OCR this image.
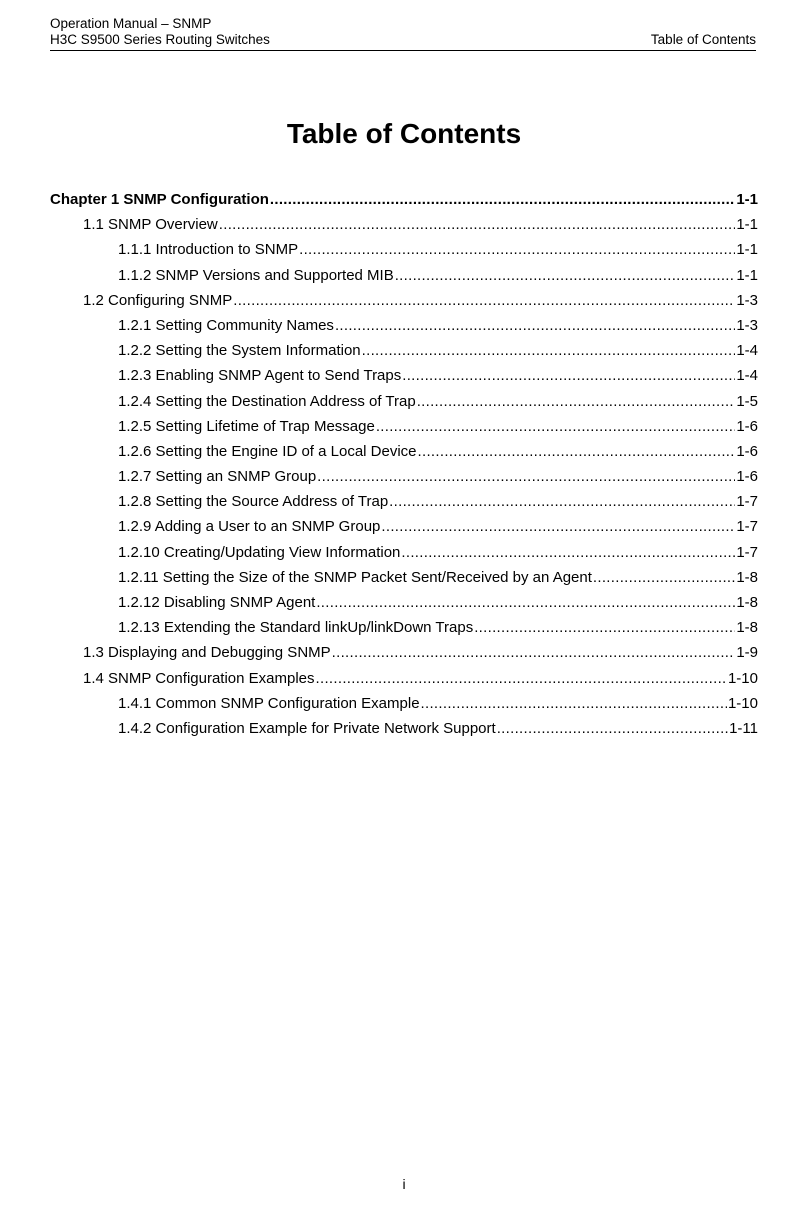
Operation Manual – SNMP
H3C S9500 Series Routing Switches	Table of Contents
Table of Contents
Chapter 1 SNMP Configuration .....	1-1
1.1 SNMP Overview .....	1-1
1.1.1 Introduction to SNMP .....	1-1
1.1.2 SNMP Versions and Supported MIB .....	1-1
1.2 Configuring SNMP .....	1-3
1.2.1 Setting Community Names .....	1-3
1.2.2 Setting the System Information .....	1-4
1.2.3 Enabling SNMP Agent to Send Traps .....	1-4
1.2.4 Setting the Destination Address of Trap .....	1-5
1.2.5 Setting Lifetime of Trap Message .....	1-6
1.2.6 Setting the Engine ID of a Local Device .....	1-6
1.2.7 Setting an SNMP Group .....	1-6
1.2.8 Setting the Source Address of Trap .....	1-7
1.2.9 Adding a User to an SNMP Group .....	1-7
1.2.10 Creating/Updating View Information .....	1-7
1.2.11 Setting the Size of the SNMP Packet Sent/Received by an Agent .....	1-8
1.2.12 Disabling SNMP Agent .....	1-8
1.2.13 Extending the Standard linkUp/linkDown Traps .....	1-8
1.3 Displaying and Debugging SNMP .....	1-9
1.4 SNMP Configuration Examples .....	1-10
1.4.1 Common SNMP Configuration Example .....	1-10
1.4.2 Configuration Example for Private Network Support .....	1-11
i
